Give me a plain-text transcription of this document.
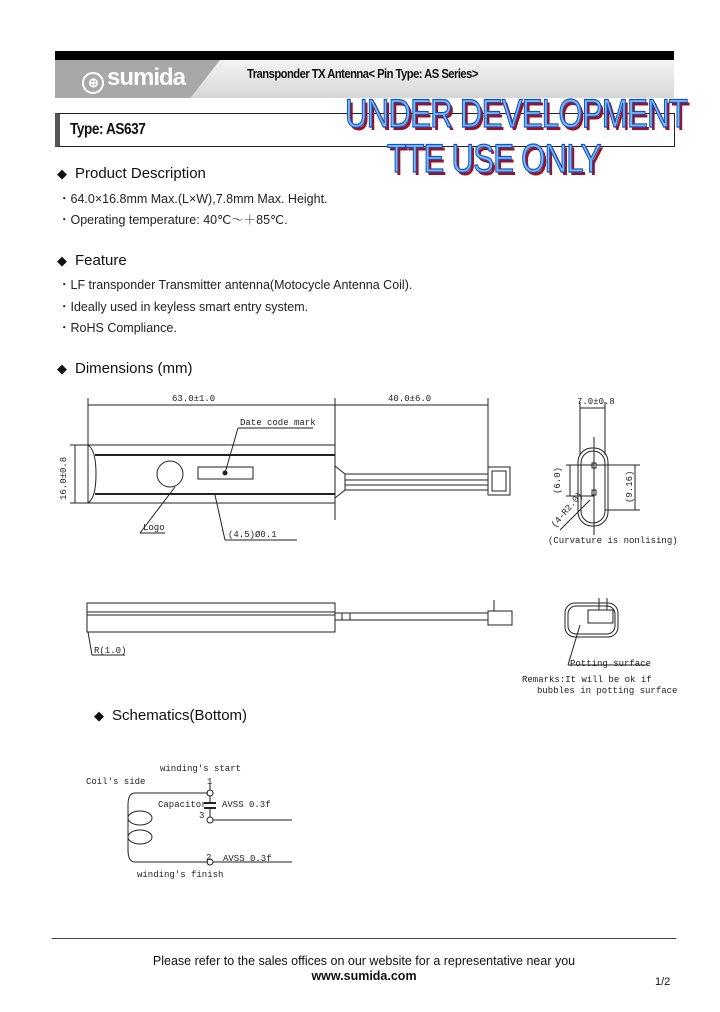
⊕ sumida	Transponder TX Antenna< Pin Type: AS Series>
Type: AS637	UNDER DEVELOPMENT
TTE USE ONLY
◆ Product Description
・64.0×16.8mm Max.(L×W),7.8mm Max. Height.
・Operating temperature: 40℃～＋85℃.
◆ Feature
・LF transponder Transmitter antenna(Motocycle Antenna Coil).
・Ideally used in keyless smart entry system.
・RoHS Compliance.
◆ Dimensions (mm)
63.0±1.0	40.0±6.0
16.0±0.8
Date code mark
Logo
(4.5)Ø0.1
7.0±0.8
(6.0)	(9.16)
(4-R2.0)
(Curvature is nonlising)
R(1.0)
Potting surface
Remarks:It will be ok if
bubbles in potting surface
winding's start
Coil's side	1
Capacitor AVSS 0.3f
3
2 AVSS 0.3f
winding's finish
◆ Schematics(Bottom)
Please refer to the sales offices on our website for a representative near you
www.sumida.com	1/2
